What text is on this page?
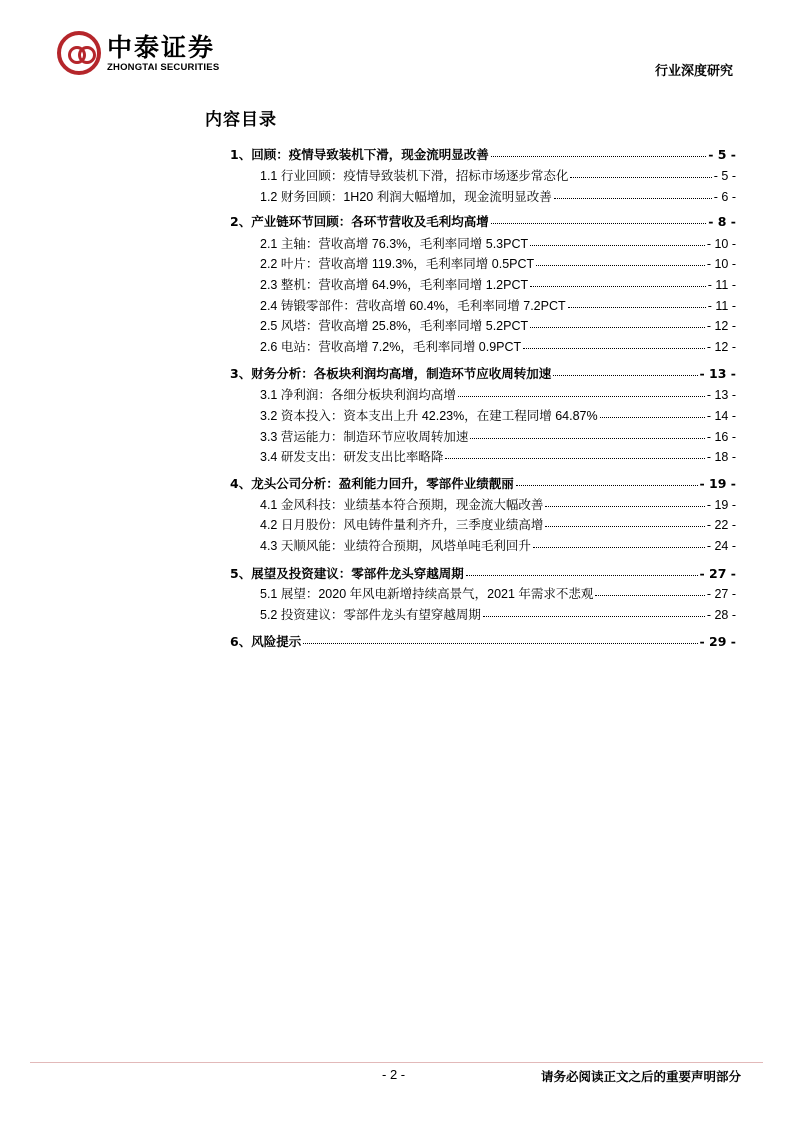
中泰证券
ZHONGTAI SECURITIES	行业深度研究
内容目录
1、回顾：疫情导致装机下滑，现金流明显改善	- 5 -
1.1 行业回顾：疫情导致装机下滑，招标市场逐步常态化	- 5 -
1.2 财务回顾：1H20 利润大幅增加，现金流明显改善	- 6 -
2、产业链环节回顾：各环节营收及毛利均高增	- 8 -
2.1 主轴：营收高增 76.3%，毛利率同增 5.3PCT	- 10 -
2.2 叶片：营收高增 119.3%，毛利率同增 0.5PCT	- 10 -
2.3 整机：营收高增 64.9%，毛利率同增 1.2PCT	- 11 -
2.4 铸锻零部件：营收高增 60.4%，毛利率同增 7.2PCT	- 11 -
2.5 风塔：营收高增 25.8%，毛利率同增 5.2PCT	- 12 -
2.6 电站：营收高增 7.2%，毛利率同增 0.9PCT	- 12 -
3、财务分析：各板块利润均高增，制造环节应收周转加速	- 13 -
3.1 净利润：各细分板块利润均高增	- 13 -
3.2 资本投入：资本支出上升 42.23%，在建工程同增 64.87%	- 14 -
3.3 营运能力：制造环节应收周转加速	- 16 -
3.4 研发支出：研发支出比率略降	- 18 -
4、龙头公司分析：盈利能力回升，零部件业绩靓丽	- 19 -
4.1 金风科技：业绩基本符合预期，现金流大幅改善	- 19 -
4.2 日月股份：风电铸件量利齐升，三季度业绩高增	- 22 -
4.3 天顺风能：业绩符合预期，风塔单吨毛利回升	- 24 -
5、展望及投资建议：零部件龙头穿越周期	- 27 -
5.1 展望：2020 年风电新增持续高景气，2021 年需求不悲观	- 27 -
5.2 投资建议：零部件龙头有望穿越周期	- 28 -
6、风险提示	- 29 -
- 2 -	请务必阅读正文之后的重要声明部分
